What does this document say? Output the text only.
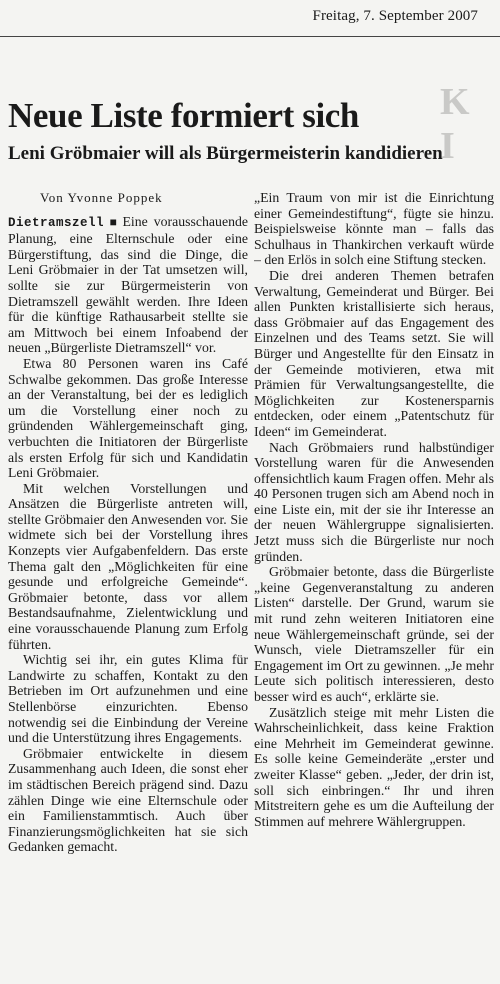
Freitag, 7. September 2007
K
I
Neue Liste formiert sich
Leni Gröbmaier will als Bürgermeisterin kandidieren
Von Yvonne Poppek

Dietramszell ■ Eine vorausschauende Planung, eine Elternschule oder eine Bürgerstiftung, das sind die Dinge, die Leni Gröbmaier in der Tat umsetzen will, sollte sie zur Bürgermeisterin von Dietramszell gewählt werden. Ihre Ideen für die künftige Rathausarbeit stellte sie am Mittwoch bei einem Infoabend der neuen „Bürgerliste Dietramszell“ vor.

Etwa 80 Personen waren ins Café Schwalbe gekommen. Das große Interesse an der Veranstaltung, bei der es lediglich um die Vorstellung einer noch zu gründenden Wählergemeinschaft ging, verbuchten die Initiatoren der Bürgerliste als ersten Erfolg für sich und Kandidatin Leni Gröbmaier.

Mit welchen Vorstellungen und Ansätzen die Bürgerliste antreten will, stellte Gröbmaier den Anwesenden vor. Sie widmete sich bei der Vorstellung ihres Konzepts vier Aufgabenfeldern. Das erste Thema galt den „Möglichkeiten für eine gesunde und erfolgreiche Gemeinde“. Gröbmaier betonte, dass vor allem Bestandsaufnahme, Zielentwicklung und eine vorausschauende Planung zum Erfolg führten.

Wichtig sei ihr, ein gutes Klima für Landwirte zu schaffen, Kontakt zu den Betrieben im Ort aufzunehmen und eine Stellenbörse einzurichten. Ebenso notwendig sei die Einbindung der Vereine und die Unterstützung ihres Engagements.

Gröbmaier entwickelte in diesem Zusammenhang auch Ideen, die sonst eher im städtischen Bereich prägend sind. Dazu zählen Dinge wie eine Elternschule oder ein Familienstammtisch. Auch über Finanzierungsmöglichkeiten hat sie sich Gedanken gemacht.

„Ein Traum von mir ist die Einrichtung einer Gemeindestiftung“, fügte sie hinzu. Beispielsweise könnte man – falls das Schulhaus in Thankirchen verkauft würde – den Erlös in solch eine Stiftung stecken.

Die drei anderen Themen betrafen Verwaltung, Gemeinderat und Bürger. Bei allen Punkten kristallisierte sich heraus, dass Gröbmaier auf das Engagement des Einzelnen und des Teams setzt. Sie will Bürger und Angestellte für den Einsatz in der Gemeinde motivieren, etwa mit Prämien für Verwaltungsangestellte, die Möglichkeiten zur Kostenersparnis entdecken, oder einem „Patentschutz für Ideen“ im Gemeinderat.

Nach Gröbmaiers rund halbstündiger Vorstellung waren für die Anwesenden offensichtlich kaum Fragen offen. Mehr als 40 Personen trugen sich am Abend noch in eine Liste ein, mit der sie ihr Interesse an der neuen Wählergruppe signalisierten. Jetzt muss sich die Bürgerliste nur noch gründen.

Gröbmaier betonte, dass die Bürgerliste „keine Gegenveranstaltung zu anderen Listen“ darstelle. Der Grund, warum sie mit rund zehn weiteren Initiatoren eine neue Wählergemeinschaft gründe, sei der Wunsch, viele Dietramszeller für ein Engagement im Ort zu gewinnen. „Je mehr Leute sich politisch interessieren, desto besser wird es auch“, erklärte sie.

Zusätzlich steige mit mehr Listen die Wahrscheinlichkeit, dass keine Fraktion eine Mehrheit im Gemeinderat gewinne. Es solle keine Gemeinderäte „erster und zweiter Klasse“ geben. „Jeder, der drin ist, soll sich einbringen.“ Ihr und ihren Mitstreitern gehe es um die Aufteilung der Stimmen auf mehrere Wählergruppen.
